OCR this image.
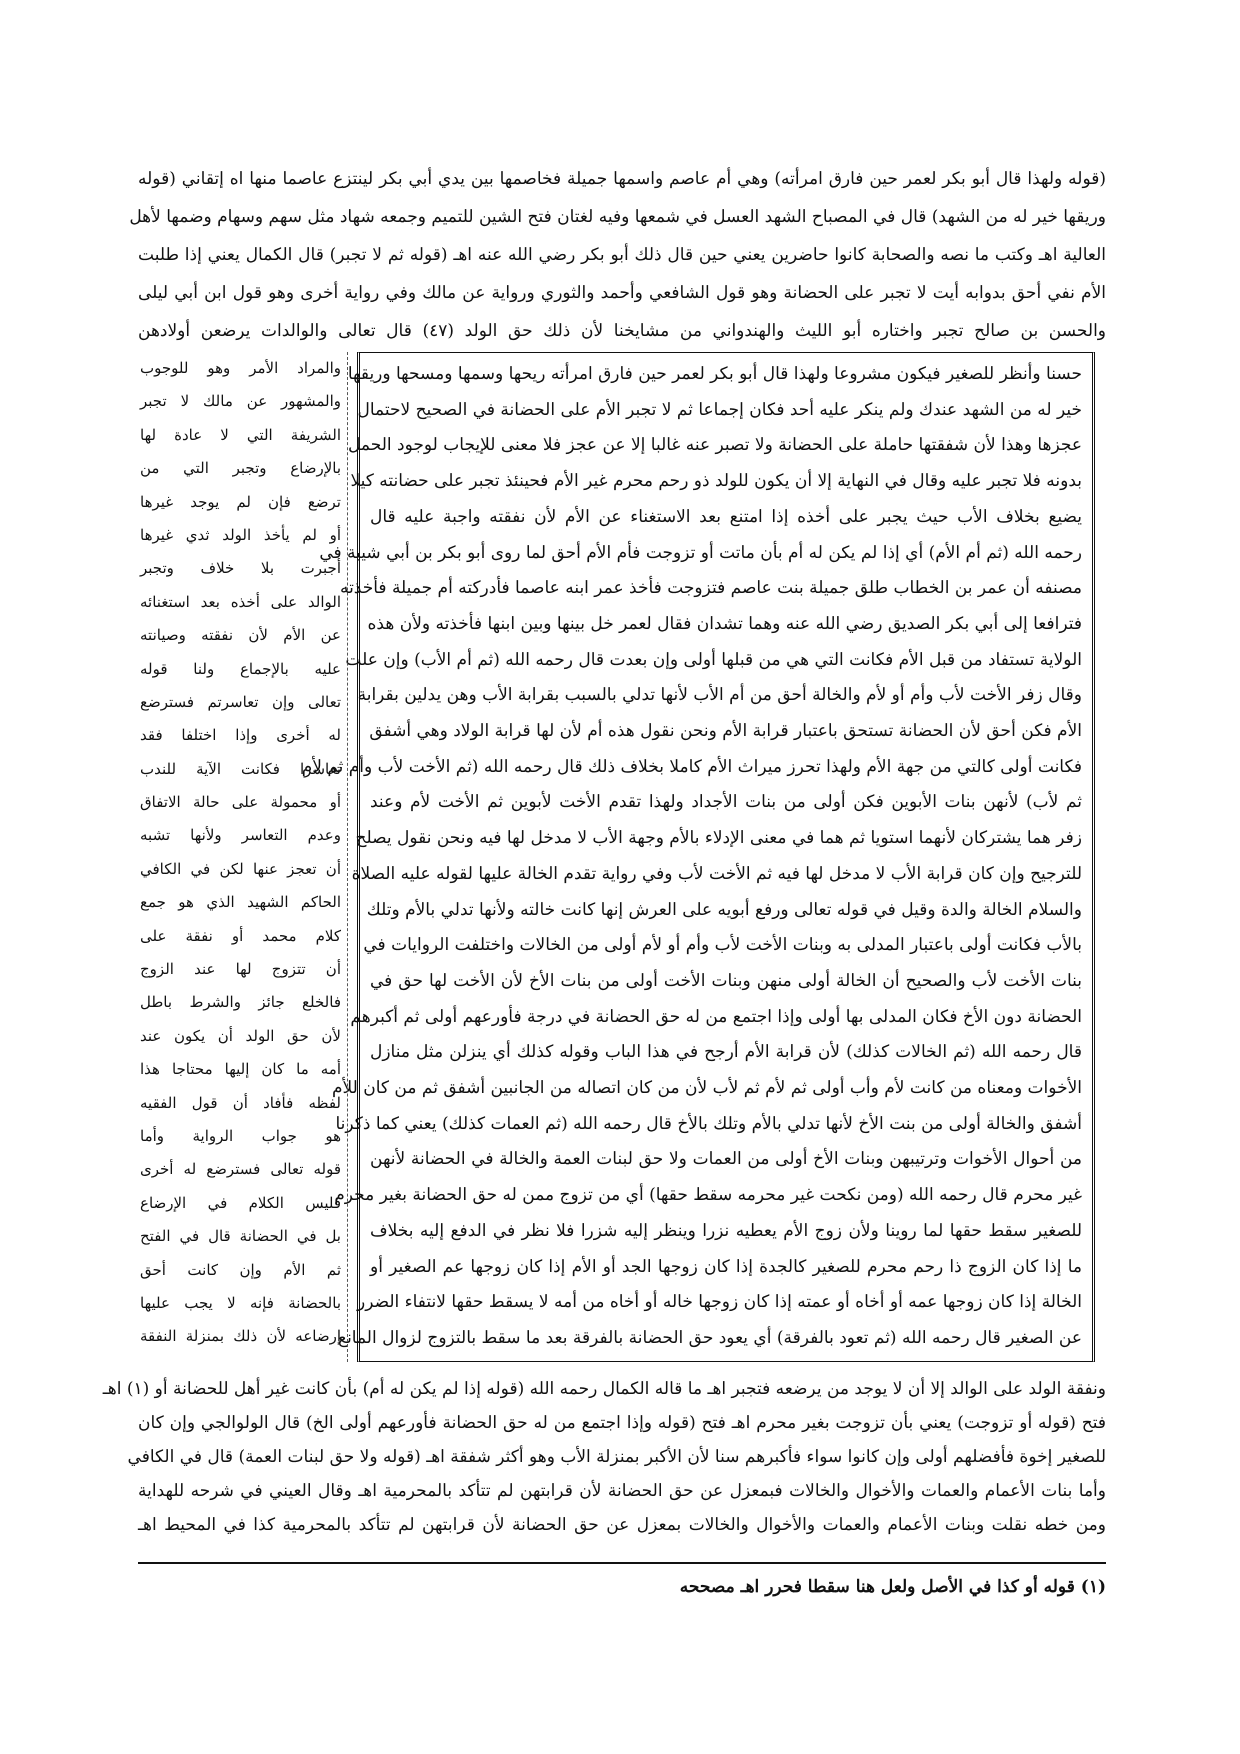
(قوله ولهذا قال أبو بكر لعمر حين فارق امرأته) وهي أم عاصم واسمها جميلة فخاصمها بين يدي أبي بكر لينتزع عاصما منها اه إتقاني (قوله
وريقها خير له من الشهد) قال في المصباح الشهد العسل في شمعها وفيه لغتان فتح الشين للتميم وجمعه شهاد مثل سهم وسهام وضمها لأهل
العالية اهـ وكتب ما نصه والصحابة كانوا حاضرين يعني حين قال ذلك أبو بكر رضي الله عنه اهـ (قوله ثم لا تجبر) قال الكمال يعني إذا طلبت
الأم نفي أحق بدوابه أيت لا تجبر على الحضانة وهو قول الشافعي وأحمد والثوري ورواية عن مالك وفي رواية أخرى وهو قول ابن أبي ليلى
والحسن بن صالح تجبر واختاره أبو الليث والهندواني من مشايخنا لأن ذلك حق الولد (٤٧) قال تعالى والوالدات يرضعن أولادهن
حسنا وأنظر للصغير فيكون مشروعا ولهذا قال أبو بكر لعمر حين فارق امرأته ريحها وسمها ومسحها وريقها
خير له من الشهد عندك ولم ينكر عليه أحد فكان إجماعا ثم لا تجبر الأم على الحضانة في الصحيح لاحتمال
عجزها وهذا لأن شفقتها حاملة على الحضانة ولا تصبر عنه غالبا إلا عن عجز فلا معنى للإيجاب لوجود الحمل
بدونه فلا تجبر عليه وقال في النهاية إلا أن يكون للولد ذو رحم محرم غير الأم فحينئذ تجبر على حضانته كيلا
يضيع بخلاف الأب حيث يجبر على أخذه إذا امتنع بعد الاستغناء عن الأم لأن نفقته واجبة عليه قال
رحمه الله (ثم أم الأم) أي إذا لم يكن له أم بأن ماتت أو تزوجت فأم الأم أحق لما روى أبو بكر بن أبي شيبة في
مصنفه أن عمر بن الخطاب طلق جميلة بنت عاصم فتزوجت فأخذ عمر ابنه عاصما فأدركته أم جميلة فأخذته
فترافعا إلى أبي بكر الصديق رضي الله عنه وهما تشدان فقال لعمر خل بينها وبين ابنها فأخذته ولأن هذه
الولاية تستفاد من قبل الأم فكانت التي هي من قبلها أولى وإن بعدت قال رحمه الله (ثم أم الأب) وإن علت
وقال زفر الأخت لأب وأم أو لأم والخالة أحق من أم الأب لأنها تدلي بالسبب بقرابة الأب وهن يدلين بقرابة
الأم فكن أحق لأن الحضانة تستحق باعتبار قرابة الأم ونحن نقول هذه أم لأن لها قرابة الولاد وهي أشفق
فكانت أولى كالتي من جهة الأم ولهذا تحرز ميراث الأم كاملا بخلاف ذلك قال رحمه الله (ثم الأخت لأب وأم ثم لأم
ثم لأب) لأنهن بنات الأبوين فكن أولى من بنات الأجداد ولهذا تقدم الأخت لأبوين ثم الأخت لأم وعند
زفر هما يشتركان لأنهما استويا ثم هما في معنى الإدلاء بالأم وجهة الأب لا مدخل لها فيه ونحن نقول يصلح
للترجيح وإن كان قرابة الأب لا مدخل لها فيه ثم الأخت لأب وفي رواية تقدم الخالة عليها لقوله عليه الصلاة
والسلام الخالة والدة وقيل في قوله تعالى ورفع أبويه على العرش إنها كانت خالته ولأنها تدلي بالأم وتلك
بالأب فكانت أولى باعتبار المدلى به وبنات الأخت لأب وأم أو لأم أولى من الخالات واختلفت الروايات في
بنات الأخت لأب والصحيح أن الخالة أولى منهن وبنات الأخت أولى من بنات الأخ لأن الأخت لها حق في
الحضانة دون الأخ فكان المدلى بها أولى وإذا اجتمع من له حق الحضانة في درجة فأورعهم أولى ثم أكبرهم
قال رحمه الله (ثم الخالات كذلك) لأن قرابة الأم أرجح في هذا الباب وقوله كذلك أي ينزلن مثل منازل
الأخوات ومعناه من كانت لأم وأب أولى ثم لأم ثم لأب لأن من كان اتصاله من الجانبين أشفق ثم من كان للأم
أشفق والخالة أولى من بنت الأخ لأنها تدلي بالأم وتلك بالأخ قال رحمه الله (ثم العمات كذلك) يعني كما ذكرنا
من أحوال الأخوات وترتيبهن وبنات الأخ أولى من العمات ولا حق لبنات العمة والخالة في الحضانة لأنهن
غير محرم قال رحمه الله (ومن نكحت غير محرمه سقط حقها) أي من تزوج ممن له حق الحضانة بغير محرم
للصغير سقط حقها لما روينا ولأن زوج الأم يعطيه نزرا وينظر إليه شزرا فلا نظر في الدفع إليه بخلاف
ما إذا كان الزوج ذا رحم محرم للصغير كالجدة إذا كان زوجها الجد أو الأم إذا كان زوجها عم الصغير أو
الخالة إذا كان زوجها عمه أو أخاه أو عمته إذا كان زوجها خاله أو أخاه من أمه لا يسقط حقها لانتفاء الضرر
عن الصغير قال رحمه الله (ثم تعود بالفرقة) أي يعود حق الحضانة بالفرقة بعد ما سقط بالتزوج لزوال المانع
والمراد الأمر وهو للوجوب
والمشهور عن مالك لا تجبر
الشريفة التي لا عادة لها
بالإرضاع وتجبر التي من
ترضع فإن لم يوجد غيرها
أو لم يأخذ الولد ثدي غيرها
أجبرت بلا خلاف وتجبر
الوالد على أخذه بعد استغنائه
عن الأم لأن نفقته وصيانته
عليه بالإجماع ولنا قوله
تعالى وإن تعاسرتم فسترضع
له أخرى وإذا اختلفا فقد
تعاسرا فكانت الآية للندب
أو محمولة على حالة الاتفاق
وعدم التعاسر ولأنها تشبه
أن تعجز عنها لكن في الكافي
الحاكم الشهيد الذي هو جمع
كلام محمد أو نفقة على
أن تتزوج لها عند الزوج
فالخلع جائز والشرط باطل
لأن حق الولد أن يكون عند
أمه ما كان إليها محتاجا هذا
لفظه فأفاد أن قول الفقيه
هو جواب الرواية وأما
قوله تعالى فسترضع له أخرى
فليس الكلام في الإرضاع
بل في الحضانة قال في الفتح
ثم الأم وإن كانت أحق
بالحضانة فإنه لا يجب عليها
إرضاعه لأن ذلك بمنزلة النفقة
ونفقة الولد على الوالد إلا أن لا يوجد من يرضعه فتجبر اهـ ما قاله الكمال رحمه الله (قوله إذا لم يكن له أم) بأن كانت غير أهل للحضانة أو (١) اهـ
فتح (قوله أو تزوجت) يعني بأن تزوجت بغير محرم اهـ فتح (قوله وإذا اجتمع من له حق الحضانة فأورعهم أولى الخ) قال الولوالجي وإن كان
للصغير إخوة فأفضلهم أولى وإن كانوا سواء فأكبرهم سنا لأن الأكبر بمنزلة الأب وهو أكثر شفقة اهـ (قوله ولا حق لبنات العمة) قال في الكافي
وأما بنات الأعمام والعمات والأخوال والخالات فبمعزل عن حق الحضانة لأن قرابتهن لم تتأكد بالمحرمية اهـ وقال العيني في شرحه للهداية
ومن خطه نقلت وبنات الأعمام والعمات والأخوال والخالات بمعزل عن حق الحضانة لأن قرابتهن لم تتأكد بالمحرمية كذا في المحيط اهـ
(١) قوله أو كذا في الأصل ولعل هنا سقطا فحرر اهـ مصححه
